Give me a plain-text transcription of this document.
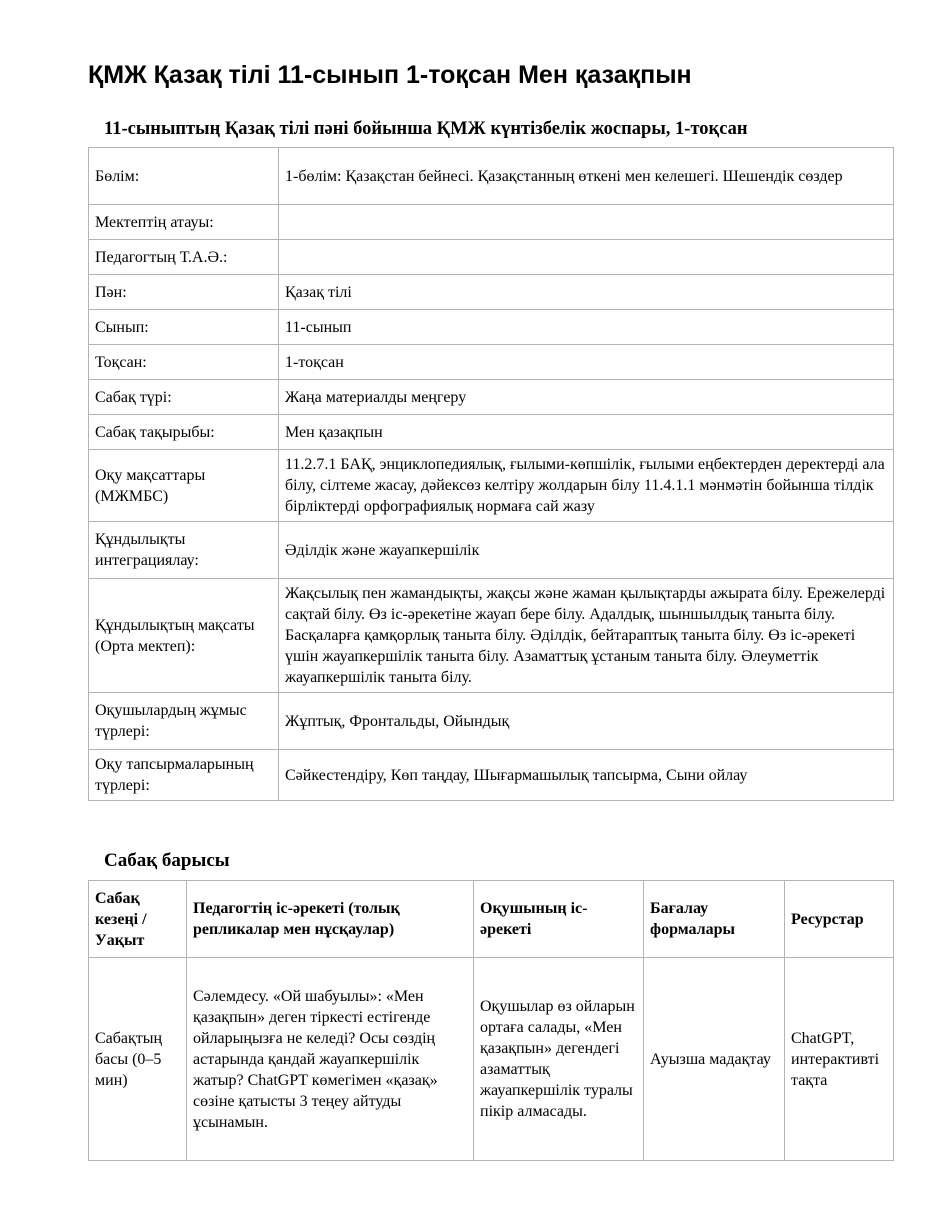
ҚМЖ Қазақ тілі 11-сынып 1-тоқсан Мен қазақпын
11-сыныптың Қазақ тілі пәні бойынша ҚМЖ күнтізбелік жоспары, 1-тоқсан
Бөлім:	1-бөлім: Қазақстан бейнесі. Қазақстанның өткені мен келешегі. Шешендік сөздер
Мектептің атауы:	
Педагогтың Т.А.Ә.:	
Пән:	Қазақ тілі
Сынып:	11-сынып
Тоқсан:	1-тоқсан
Сабақ түрі:	Жаңа материалды меңгеру
Сабақ тақырыбы:	Мен қазақпын
Оқу мақсаттары (МЖМБС)	11.2.7.1 БАҚ, энциклопедиялық, ғылыми-көпшілік, ғылыми еңбектерден деректерді ала білу, сілтеме жасау, дәйексөз келтіру жолдарын білу 11.4.1.1 мәнмәтін бойынша тілдік бірліктерді орфографиялық нормаға сай жазу
Құндылықты интеграциялау:	Әділдік және жауапкершілік
Құндылықтың мақсаты (Орта мектеп):	Жақсылық пен жамандықты, жақсы және жаман қылықтарды ажырата білу. Ережелерді сақтай білу. Өз іс-әрекетіне жауап бере білу. Адалдық, шыншылдық таныта білу. Басқаларға қамқорлық таныта білу. Әділдік, бейтараптық таныта білу. Өз іс-әрекеті үшін жауапкершілік таныта білу. Азаматтық ұстаным таныта білу. Әлеуметтік жауапкершілік таныта білу.
Оқушылардың жұмыс түрлері:	Жұптық, Фронтальды, Ойындық
Оқу тапсырмаларының түрлері:	Сәйкестендіру, Көп таңдау, Шығармашылық тапсырма, Сыни ойлау
Сабақ барысы
Сабақ кезеңі / Уақыт	Педагогтің іс-әрекеті (толық репликалар мен нұсқаулар)	Оқушының іс-әрекеті	Бағалау формалары	Ресурстар
Сабақтың басы (0–5 мин)	Сәлемдесу. «Ой шабуылы»: «Мен қазақпын» деген тіркесті естігенде ойларыңызға не келеді? Осы сөздің астарында қандай жауапкершілік жатыр? ChatGPT көмегімен «қазақ» сөзіне қатысты 3 теңеу айтуды ұсынамын.	Оқушылар өз ойларын ортаға салады, «Мен қазақпын» дегендегі азаматтық жауапкершілік туралы пікір алмасады.	Ауызша мадақтау	ChatGPT, интерактивті тақта
